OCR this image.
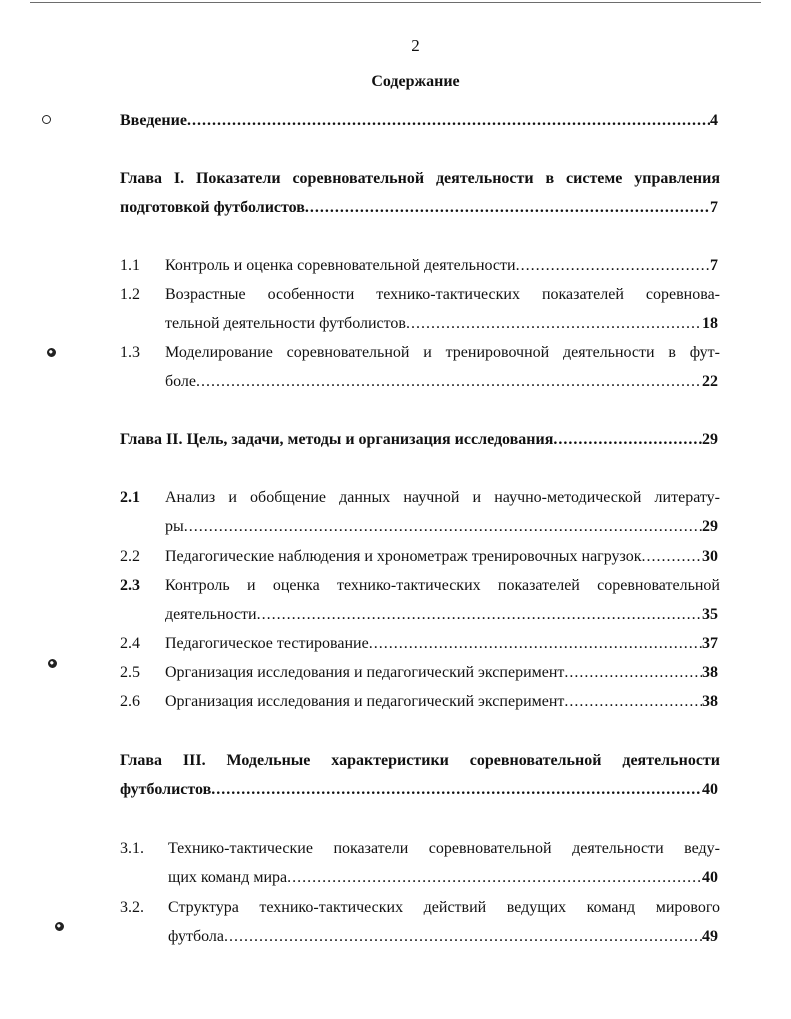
2
Содержание
Введение .....	4
Глава I. Показатели соревновательной деятельности в системе управления
подготовкой футболистов .....	7
1.1 Контроль и оценка соревновательной деятельности .....	7
1.2 Возрастные особенности технико-тактических показателей соревнова-
тельной деятельности футболистов .....	18
1.3 Моделирование соревновательной и тренировочной деятельности в фут-
боле .....	22
Глава II. Цель, задачи, методы и организация исследования .....	29
2.1 Анализ и обобщение данных научной и научно-методической литерату-
ры .....	29
2.2 Педагогические наблюдения и хронометраж тренировочных нагрузок .....	30
2.3 Контроль и оценка технико-тактических показателей соревновательной
деятельности .....	35
2.4 Педагогическое тестирование .....	37
2.5 Организация исследования и педагогический эксперимент .....	38
2.6 Организация исследования и педагогический эксперимент .....	38
Глава III. Модельные характеристики соревновательной деятельности
футболистов .....	40
3.1. Технико-тактические показатели соревновательной деятельности веду-
щих команд мира .....	40
3.2. Структура технико-тактических действий ведущих команд мирового
футбола .....	49
